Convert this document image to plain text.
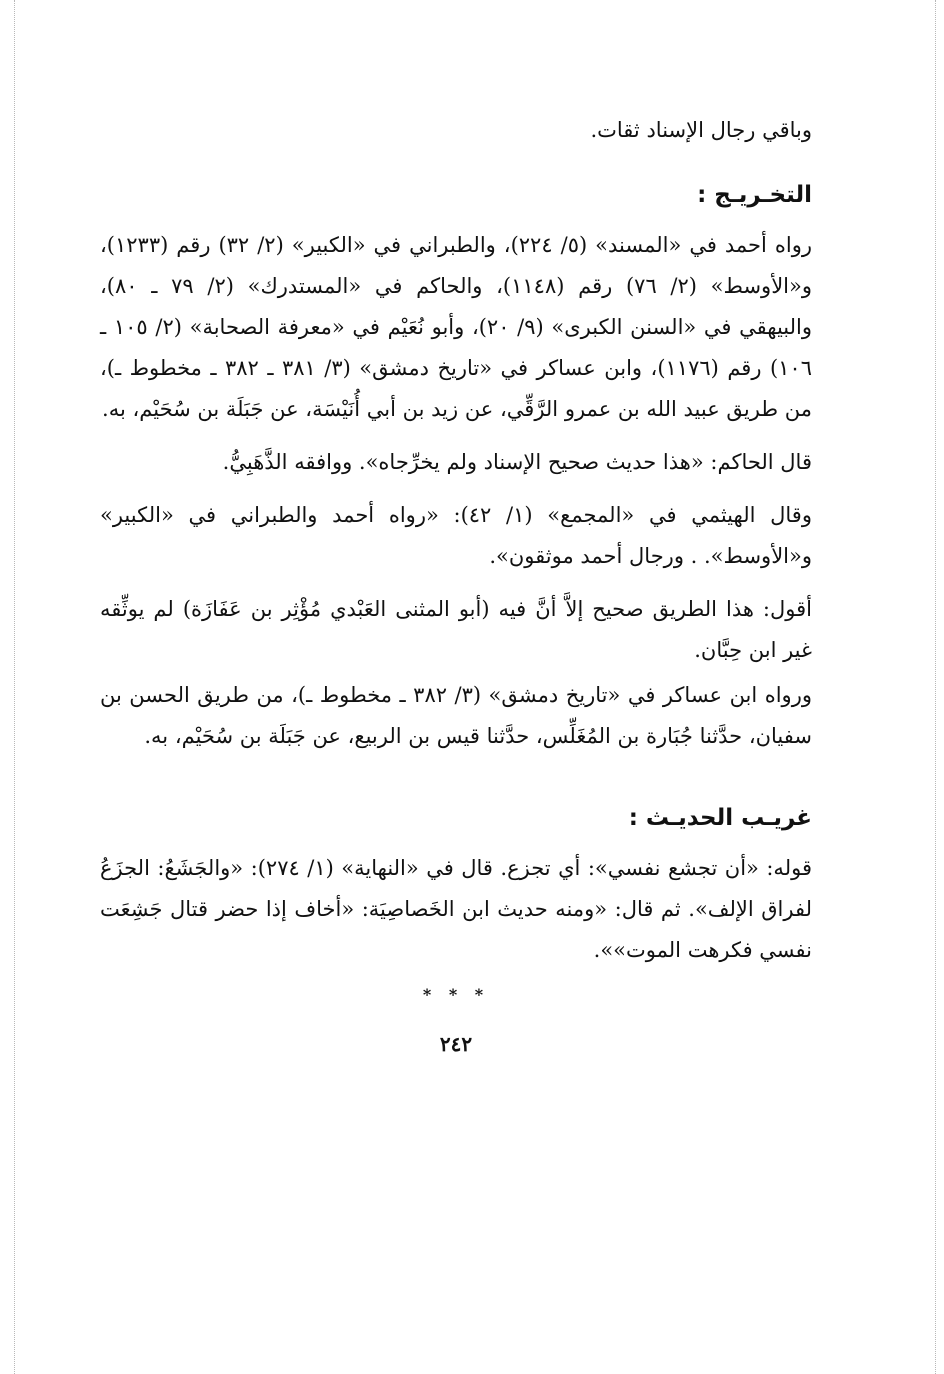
وباقي رجال الإسناد ثقات.

التخـريـج :

رواه أحمد في «المسند» (٥/ ٢٢٤)، والطبراني في «الكبير» (٢/ ٣٢) رقم (١٢٣٣)، و«الأوسط» (٢/ ٧٦) رقم (١١٤٨)، والحاكم في «المستدرك» (٢/ ٧٩ ـ ٨٠)، والبيهقي في «السنن الكبرى» (٩/ ٢٠)، وأبو نُعَيْم في «معرفة الصحابة» (٢/ ١٠٥ ـ ١٠٦) رقم (١١٧٦)، وابن عساكر في «تاريخ دمشق» (٣/ ٣٨١ ـ ٣٨٢ ـ مخطوط ـ)، من طريق عبيد الله بن عمرو الرَّقِّي، عن زيد بن أبي أُنَيْسَة، عن جَبَلَة بن سُحَيْم، به.

قال الحاكم: «هذا حديث صحيح الإسناد ولم يخرِّجاه». ووافقه الذَّهَبِيُّ.

وقال الهيثمي في «المجمع» (١/ ٤٢): «رواه أحمد والطبراني في «الكبير» و«الأوسط». . ورجال أحمد موثقون».

أقول: هذا الطريق صحيح إلاَّ أنَّ فيه (أبو المثنى العَبْدي مُؤْثِر بن عَفَازَة) لم يوثِّقه غير ابن حِبَّان.

ورواه ابن عساكر في «تاريخ دمشق» (٣/ ٣٨٢ ـ مخطوط ـ)، من طريق الحسن بن سفيان، حدَّثنا جُبَارة بن المُغَلِّس، حدَّثنا قيس بن الربيع، عن جَبَلَة بن سُحَيْم، به.

غريـب الحديـث :

قوله: «أن تجشع نفسي»: أي تجزع. قال في «النهاية» (١/ ٢٧٤): «والجَشَعُ: الجزَعُ لفراق الإلف». ثم قال: «ومنه حديث ابن الخَصاصِيَة: «أخاف إذا حضر قتال جَشِعَت نفسي فكرهت الموت»».

* * *
٢٤٢
